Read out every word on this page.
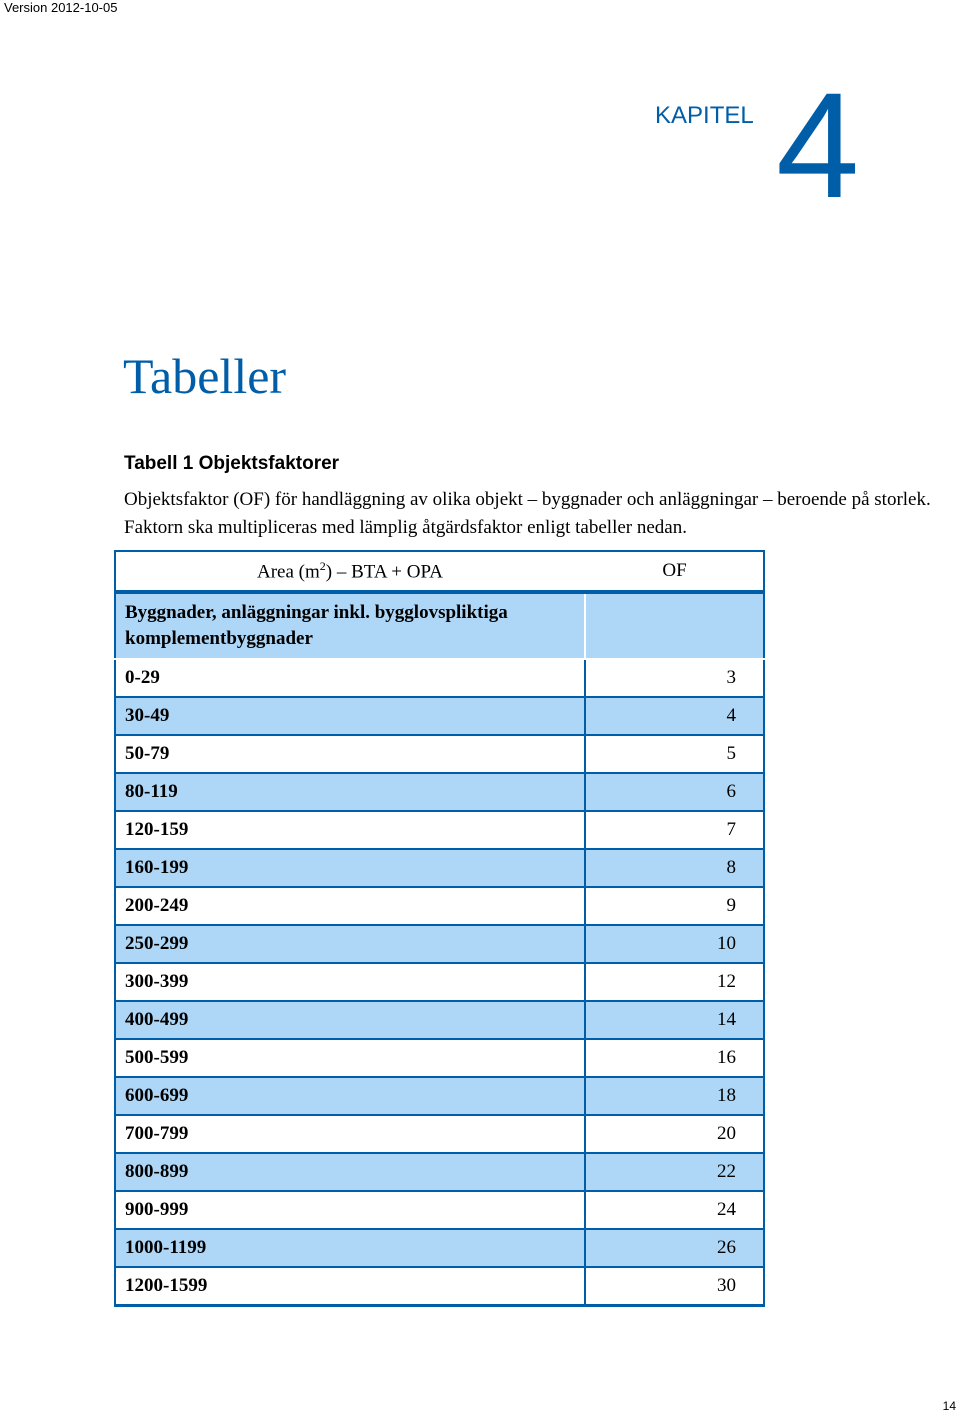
Version 2012-10-05
KAPITEL 4
Tabeller
Tabell 1 Objektsfaktorer

Objektsfaktor (OF) för handläggning av olika objekt – byggnader och anläggningar – beroende på storlek. Faktorn ska multipliceras med lämplig åtgärdsfaktor enligt tabeller nedan.

Area $(m^2)$ – BTA + OPA	OF
Byggnader, anläggningar inkl. bygglovspliktiga komplementbyggnader	
0-29	3
30-49	4
50-79	5
80-119	6
120-159	7
160-199	8
200-249	9
250-299	10
300-399	12
400-499	14
500-599	16
600-699	18
700-799	20
800-899	22
900-999	24
1000-1199	26
1200-1599	30
14
